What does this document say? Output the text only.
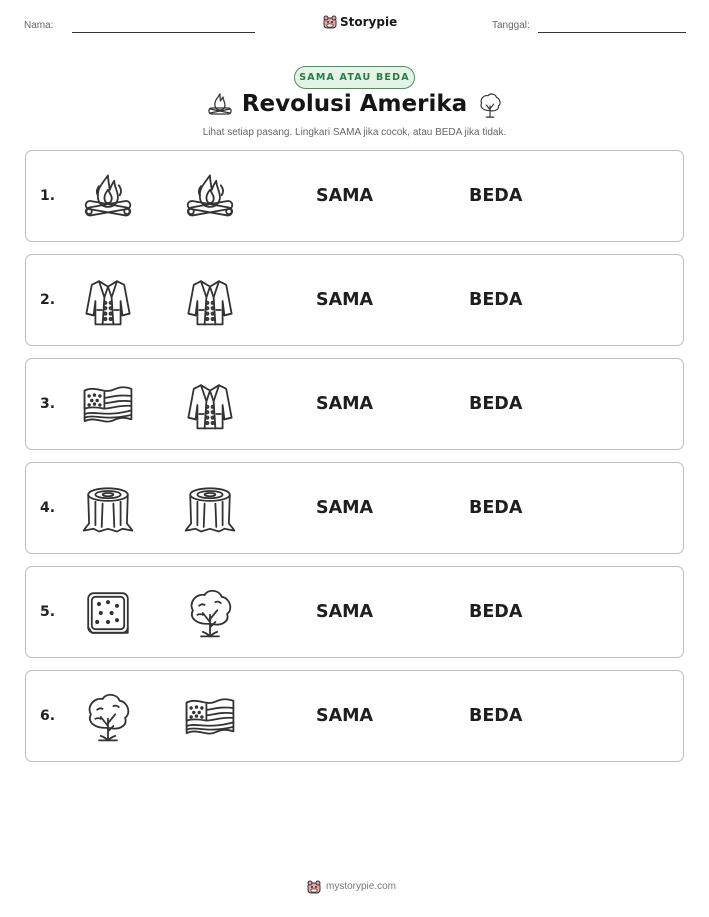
Nama:	Storypie	Tanggal:
SAMA ATAU BEDA
Revolusi Amerika
Lihat setiap pasang. Lingkari SAMA jika cocok, atau BEDA jika tidak.
1.	SAMA	BEDA
2.	SAMA	BEDA
3.	SAMA	BEDA
4.	SAMA	BEDA
5.	SAMA	BEDA
6.	SAMA	BEDA
mystorypie.com
